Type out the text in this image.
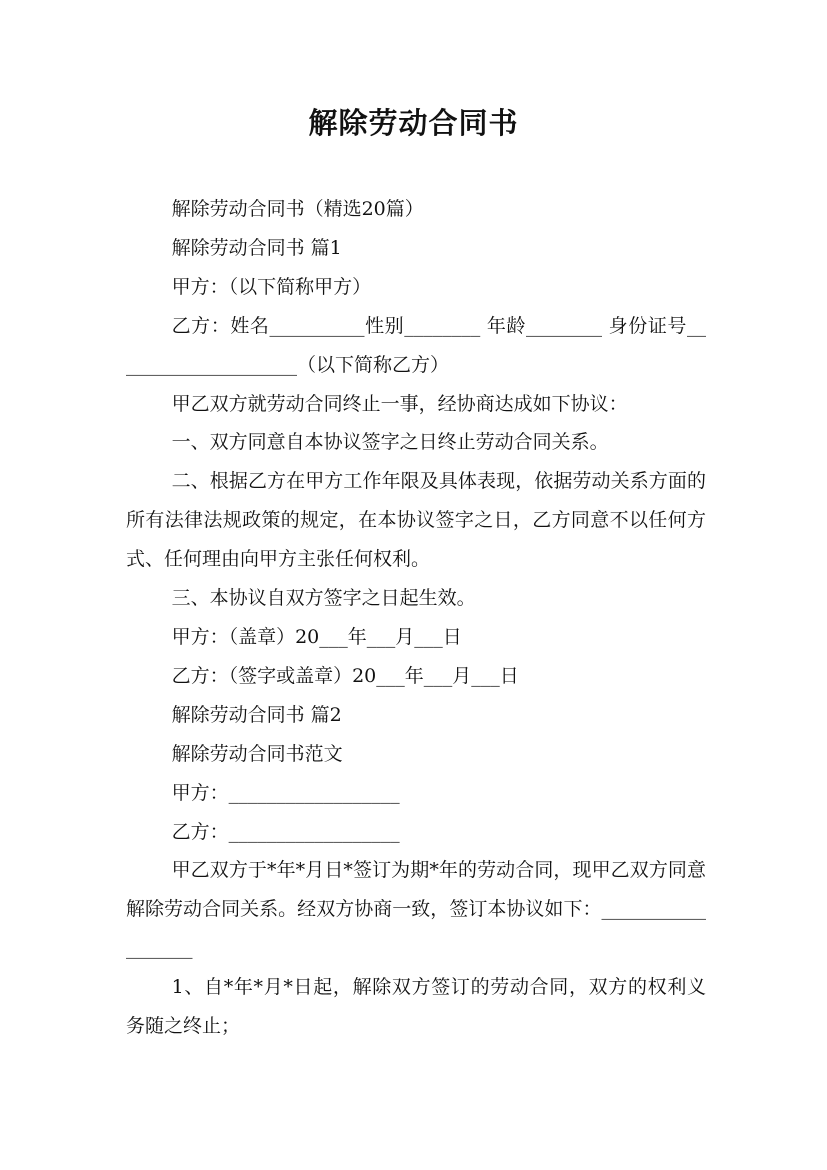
解除劳动合同书

解除劳动合同书（精选20篇）

解除劳动合同书 篇1

甲方：（以下简称甲方）

乙方：姓名__________性别________ 年龄________ 身份证号____________________（以下简称乙方）

甲乙双方就劳动合同终止一事，经协商达成如下协议：

一、双方同意自本协议签字之日终止劳动合同关系。

二、根据乙方在甲方工作年限及具体表现，依据劳动关系方面的所有法律法规政策的规定，在本协议签字之日，乙方同意不以任何方式、任何理由向甲方主张任何权利。

三、本协议自双方签字之日起生效。

甲方：（盖章）20___年___月___日

乙方：（签字或盖章）20___年___月___日

解除劳动合同书 篇2

解除劳动合同书范文

甲方：__________________

乙方：__________________

甲乙双方于*年*月日*签订为期*年的劳动合同，现甲乙双方同意解除劳动合同关系。经双方协商一致，签订本协议如下：__________________

1、自*年*月*日起，解除双方签订的劳动合同，双方的权利义务随之终止；
